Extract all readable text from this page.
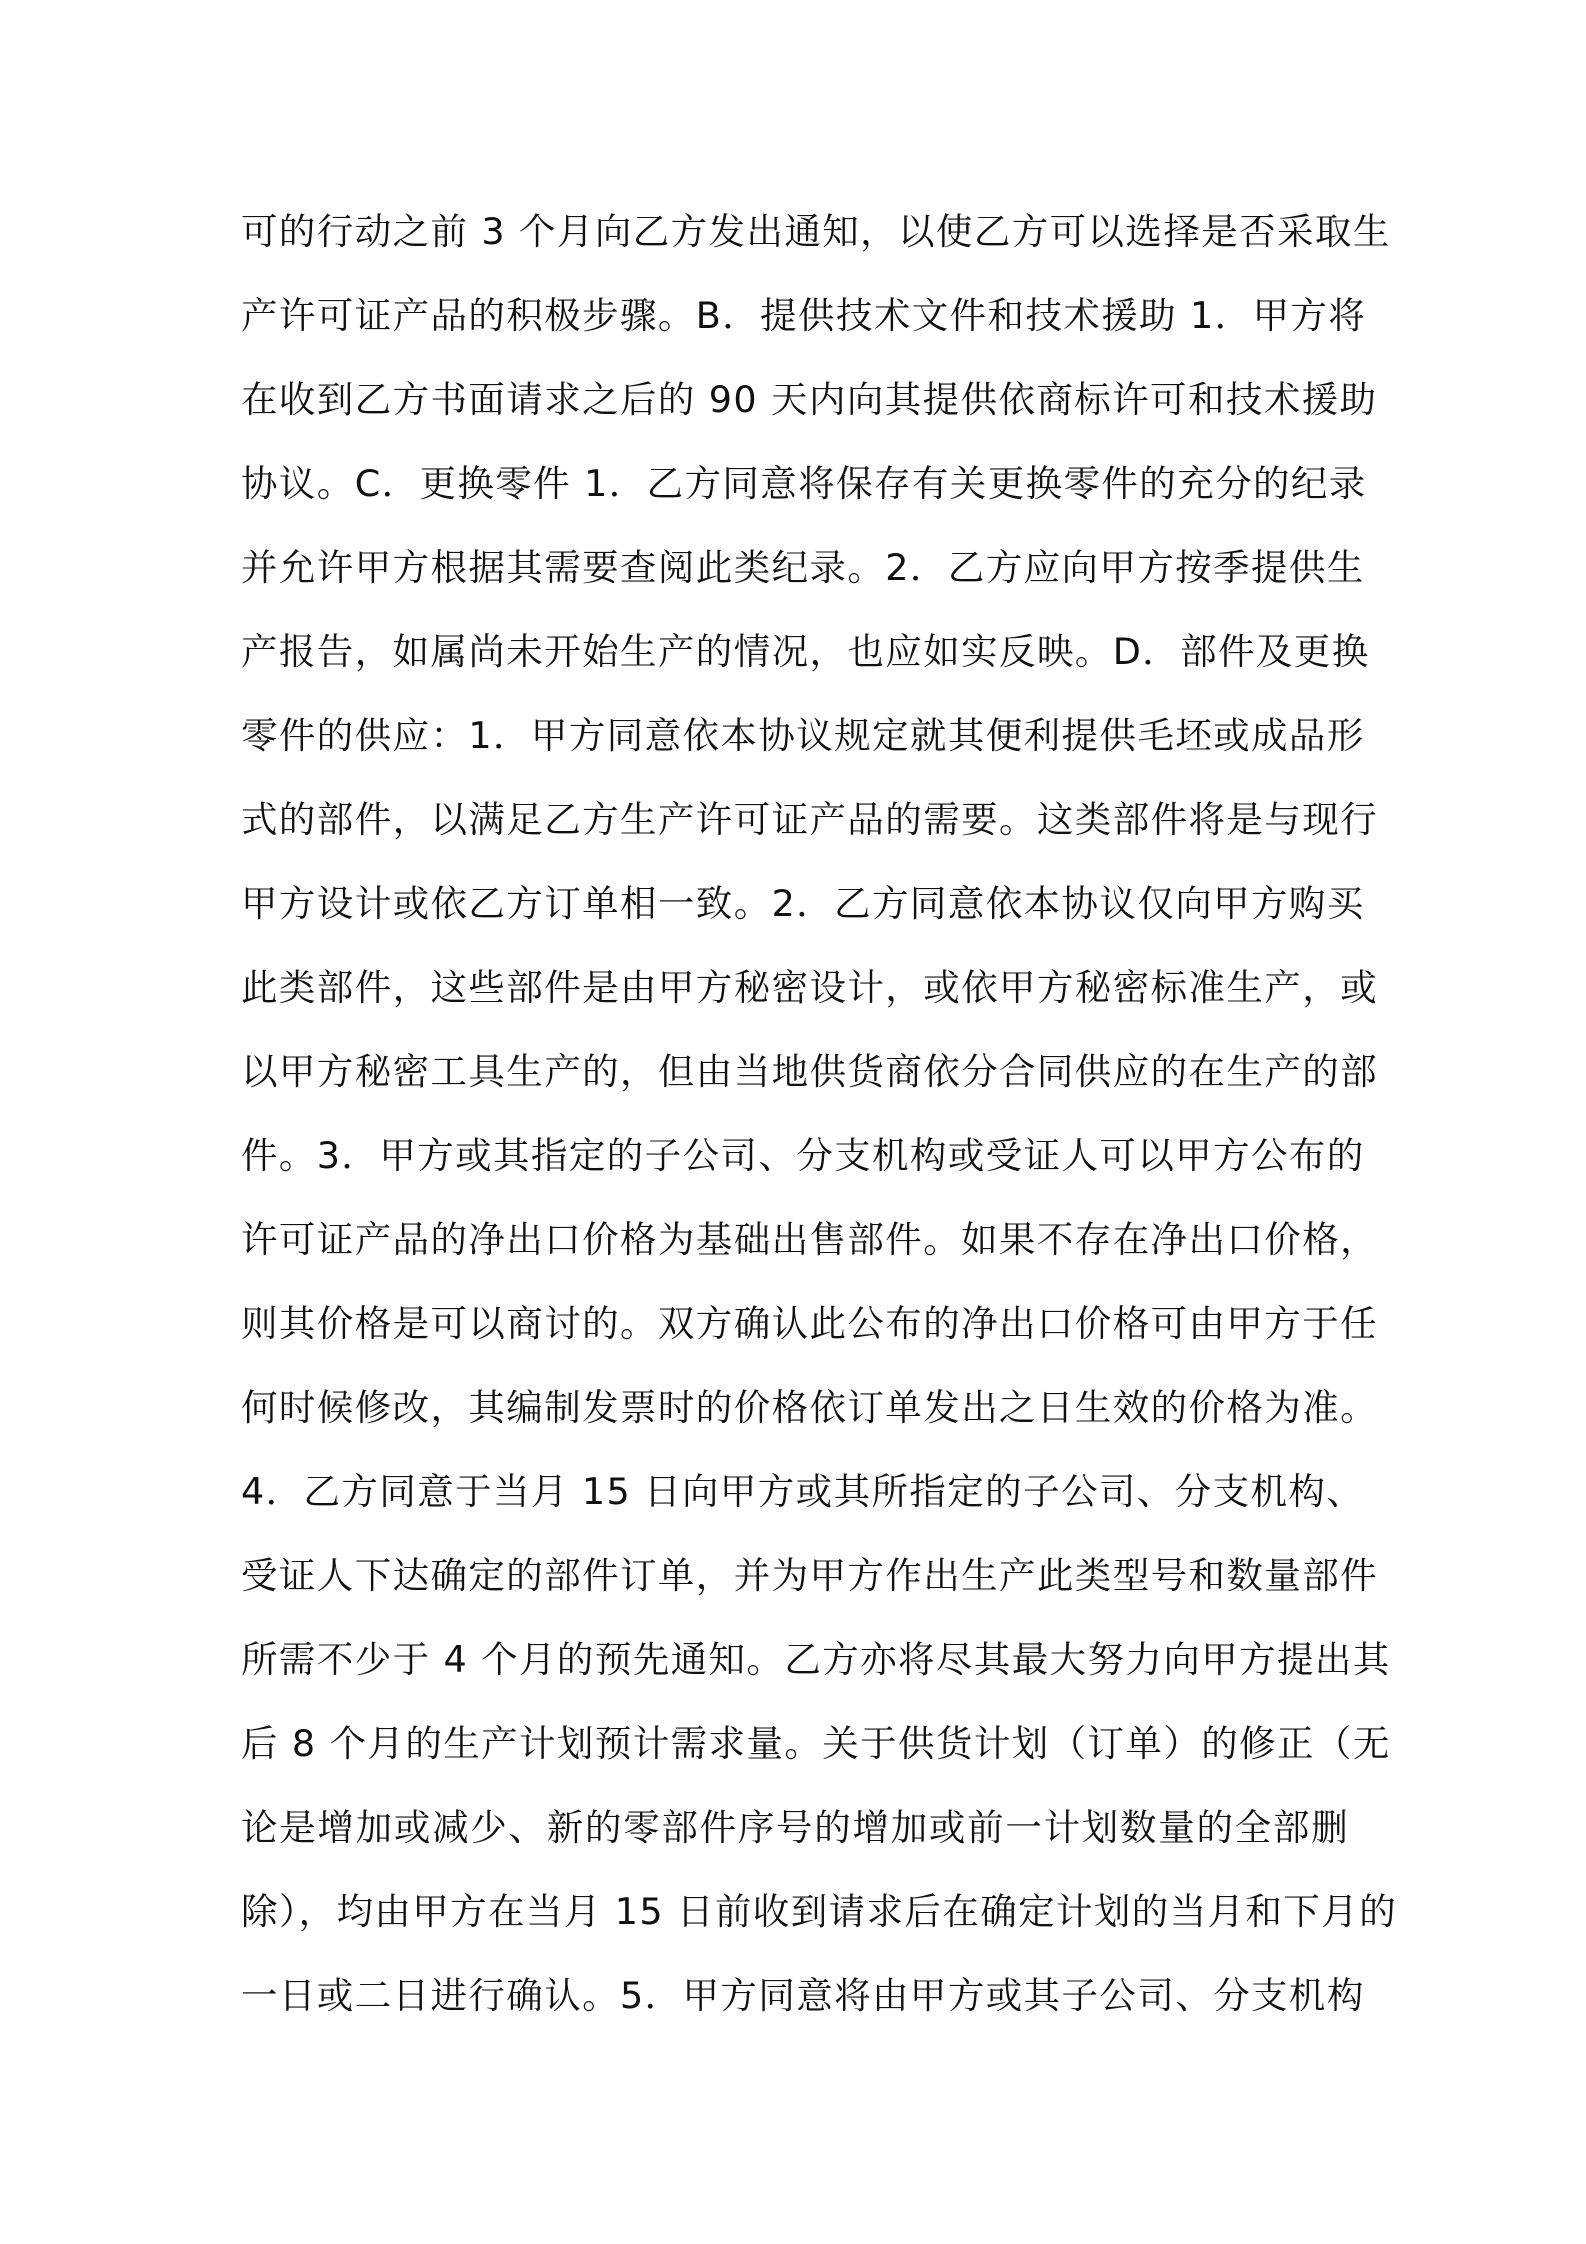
可的行动之前 3 个月向乙方发出通知，以使乙方可以选择是否采取生
产许可证产品的积极步骤。B．提供技术文件和技术援助 1．甲方将
在收到乙方书面请求之后的 90 天内向其提供依商标许可和技术援助
协议。C．更换零件 1．乙方同意将保存有关更换零件的充分的纪录
并允许甲方根据其需要查阅此类纪录。2．乙方应向甲方按季提供生
产报告，如属尚未开始生产的情况，也应如实反映。D．部件及更换
零件的供应：1．甲方同意依本协议规定就其便利提供毛坯或成品形
式的部件，以满足乙方生产许可证产品的需要。这类部件将是与现行
甲方设计或依乙方订单相一致。2．乙方同意依本协议仅向甲方购买
此类部件，这些部件是由甲方秘密设计，或依甲方秘密标准生产，或
以甲方秘密工具生产的，但由当地供货商依分合同供应的在生产的部
件。3．甲方或其指定的子公司、分支机构或受证人可以甲方公布的
许可证产品的净出口价格为基础出售部件。如果不存在净出口价格，
则其价格是可以商讨的。双方确认此公布的净出口价格可由甲方于任
何时候修改，其编制发票时的价格依订单发出之日生效的价格为准。
4．乙方同意于当月 15 日向甲方或其所指定的子公司、分支机构、
受证人下达确定的部件订单，并为甲方作出生产此类型号和数量部件
所需不少于 4 个月的预先通知。乙方亦将尽其最大努力向甲方提出其
后 8 个月的生产计划预计需求量。关于供货计划（订单）的修正（无
论是增加或减少、新的零部件序号的增加或前一计划数量的全部删
除），均由甲方在当月 15 日前收到请求后在确定计划的当月和下月的
一日或二日进行确认。5．甲方同意将由甲方或其子公司、分支机构
